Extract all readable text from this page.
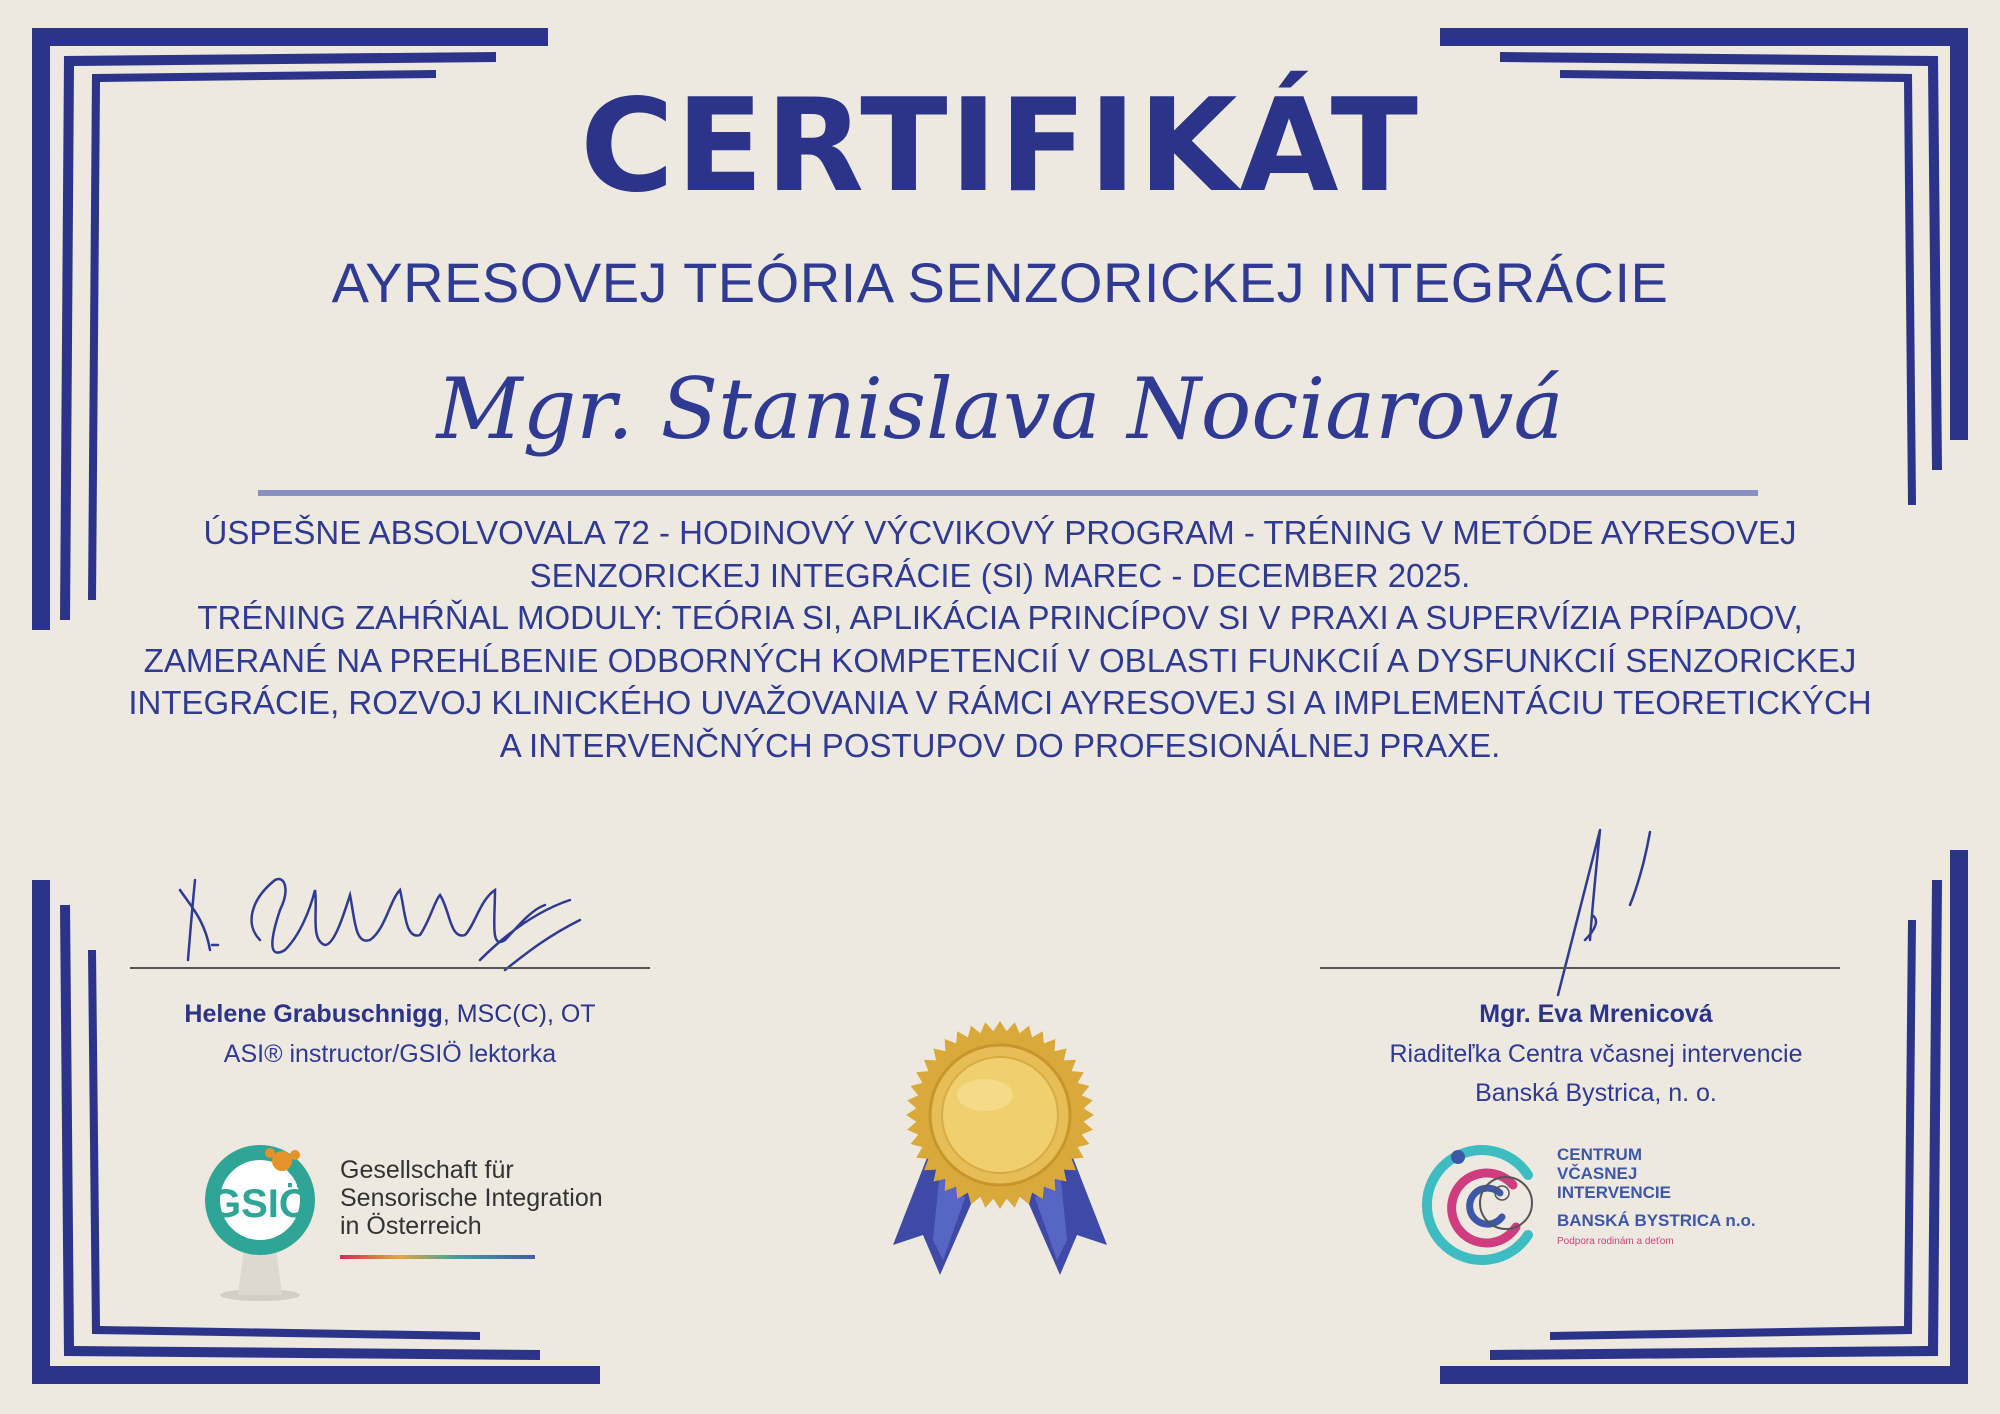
CERTIFIKÁT
AYRESOVEJ TEÓRIA SENZORICKEJ INTEGRÁCIE
Mgr. Stanislava Nociarová

ÚSPEŠNE ABSOLVOVALA 72 - HODINOVÝ VÝCVIKOVÝ PROGRAM - TRÉNING V METÓDE AYRESOVEJ

SENZORICKEJ INTEGRÁCIE (SI) MAREC - DECEMBER 2025.

TRÉNING ZAHŔŇAL MODULY: TEÓRIA SI, APLIKÁCIA PRINCÍPOV SI V PRAXI A SUPERVÍZIA PRÍPADOV,

ZAMERANÉ NA PREHĹBENIE ODBORNÝCH KOMPETENCIÍ V OBLASTI FUNKCIÍ A DYSFUNKCIÍ SENZORICKEJ

INTEGRÁCIE, ROZVOJ KLINICKÉHO UVAŽOVANIA V RÁMCI AYRESOVEJ SI A IMPLEMENTÁCIU TEORETICKÝCH

A INTERVENČNÝCH POSTUPOV DO PROFESIONÁLNEJ PRAXE.

Helene Grabuschnigg, MSC(C), OT
ASI® instructor/GSIÖ lektorka
Mgr. Eva Mrenicová
Riaditeľka Centra včasnej intervencie
Banská Bystrica, n. o.
GSIÖ
Gesellschaft für
Sensorische Integration
in Österreich
CENTRUM
VČASNEJ
INTERVENCIE
BANSKÁ BYSTRICA n.o.
Podpora rodinám a deťom
